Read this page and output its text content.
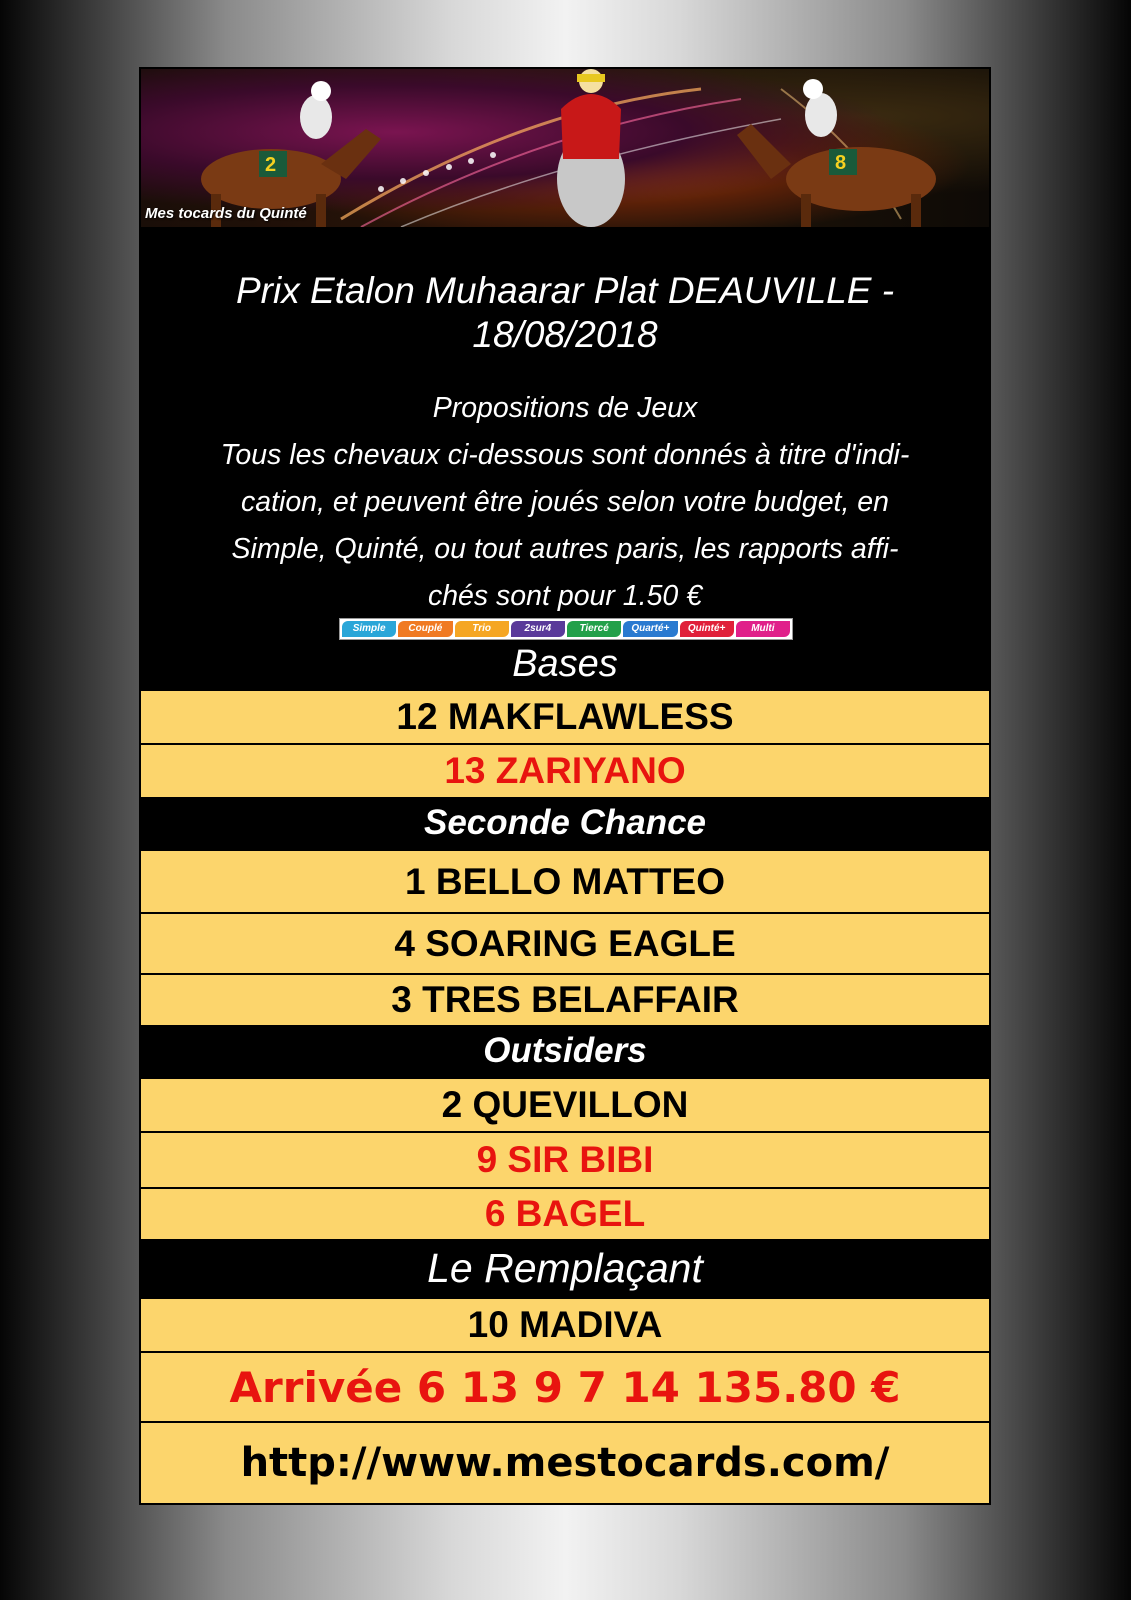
2	8
Mes tocards du Quinté
Prix Etalon Muhaarar Plat DEAUVILLE -
18/08/2018
Propositions de Jeux
Tous les chevaux ci-dessous sont donnés à titre d'indi-
cation, et peuvent être joués selon votre budget, en
Simple, Quinté, ou tout autres paris, les rapports affi-
chés sont pour 1.50 €
Simple	Couplé	Trio	2sur4	Tiercé	Quarté+	Quinté+	Multi
Bases
12 MAKFLAWLESS
13 ZARIYANO
Seconde Chance
1 BELLO MATTEO
4 SOARING EAGLE
3 TRES BELAFFAIR
Outsiders
2 QUEVILLON
9 SIR BIBI
6 BAGEL
Le Remplaçant
10 MADIVA
Arrivée 6 13 9 7 14 135.80 €
http://www.mestocards.com/
